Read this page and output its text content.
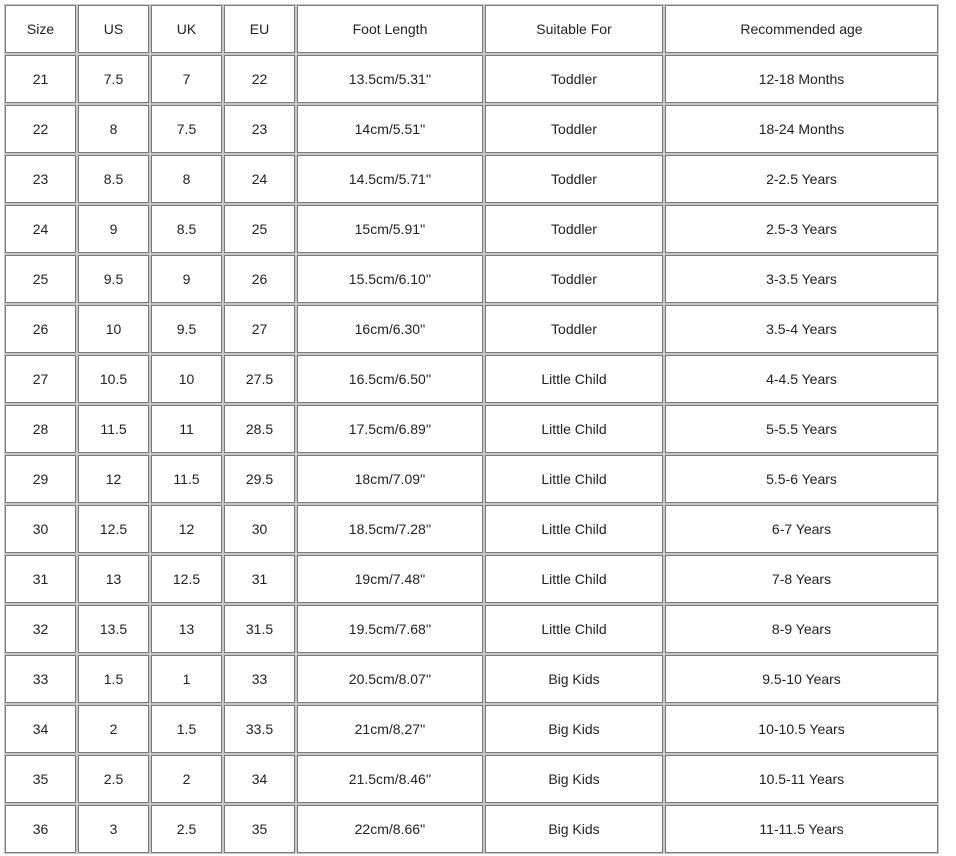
Size	US	UK	EU	Foot Length	Suitable For	Recommended age
21	7.5	7	22	13.5cm/5.31''	Toddler	12-18 Months
22	8	7.5	23	14cm/5.51''	Toddler	18-24 Months
23	8.5	8	24	14.5cm/5.71''	Toddler	2-2.5 Years
24	9	8.5	25	15cm/5.91''	Toddler	2.5-3 Years
25	9.5	9	26	15.5cm/6.10''	Toddler	3-3.5 Years
26	10	9.5	27	16cm/6.30''	Toddler	3.5-4 Years
27	10.5	10	27.5	16.5cm/6.50''	Little Child	4-4.5 Years
28	11.5	11	28.5	17.5cm/6.89''	Little Child	5-5.5 Years
29	12	11.5	29.5	18cm/7.09''	Little Child	5.5-6 Years
30	12.5	12	30	18.5cm/7.28''	Little Child	6-7 Years
31	13	12.5	31	19cm/7.48''	Little Child	7-8 Years
32	13.5	13	31.5	19.5cm/7.68''	Little Child	8-9 Years
33	1.5	1	33	20.5cm/8.07''	Big Kids	9.5-10 Years
34	2	1.5	33.5	21cm/8.27''	Big Kids	10-10.5 Years
35	2.5	2	34	21.5cm/8.46''	Big Kids	10.5-11 Years
36	3	2.5	35	22cm/8.66''	Big Kids	11-11.5 Years
